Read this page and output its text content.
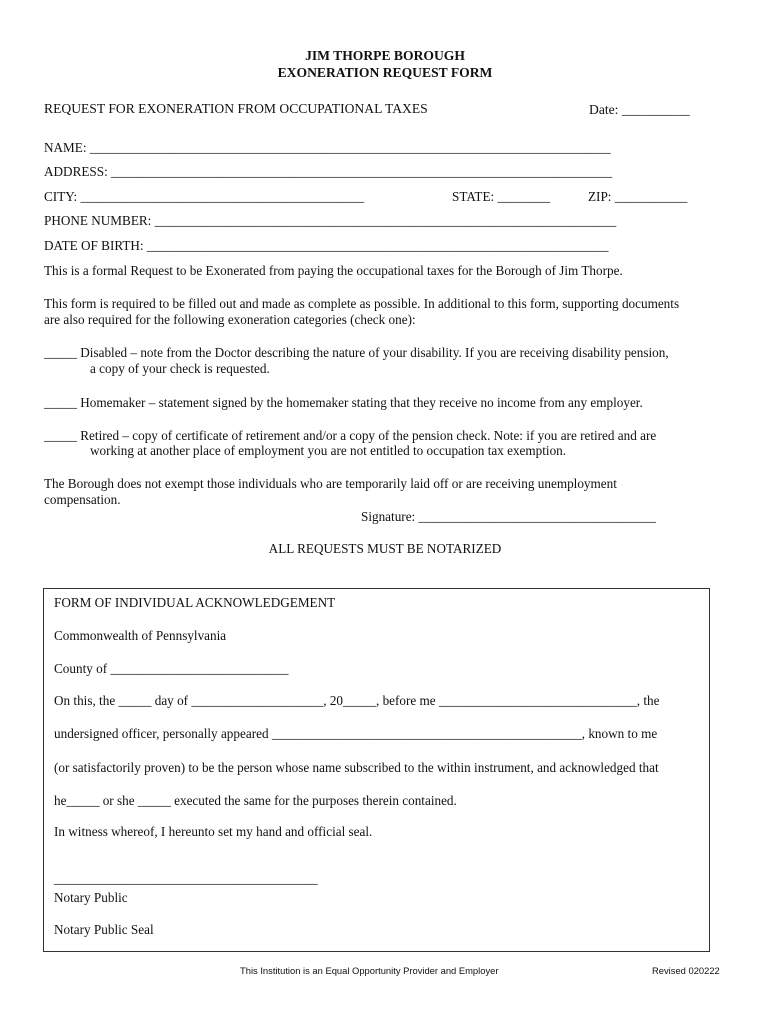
JIM THORPE BOROUGH
EXONERATION REQUEST FORM
REQUEST FOR EXONERATION FROM OCCUPATIONAL TAXES	Date: __________
NAME: _______________________________________________________________________________
ADDRESS: ____________________________________________________________________________
CITY: ___________________________________________	STATE: ________	ZIP: ___________
PHONE NUMBER: ______________________________________________________________________
DATE OF BIRTH: ______________________________________________________________________
This is a formal Request to be Exonerated from paying the occupational taxes for the Borough of Jim Thorpe.
This form is required to be filled out and made as complete as possible. In additional to this form, supporting documents
are also required for the following exoneration categories (check one):
_____ Disabled – note from the Doctor describing the nature of your disability. If you are receiving disability pension,
a copy of your check is requested.
_____ Homemaker – statement signed by the homemaker stating that they receive no income from any employer.
_____ Retired – copy of certificate of retirement and/or a copy of the pension check. Note: if you are retired and are
working at another place of employment you are not entitled to occupation tax exemption.
The Borough does not exempt those individuals who are temporarily laid off or are receiving unemployment
compensation.
Signature: ____________________________________
ALL REQUESTS MUST BE NOTARIZED
FORM OF INDIVIDUAL ACKNOWLEDGEMENT
Commonwealth of Pennsylvania
County of ___________________________
On this, the _____ day of ____________________, 20_____, before me ______________________________, the
undersigned officer, personally appeared _______________________________________________, known to me
(or satisfactorily proven) to be the person whose name subscribed to the within instrument, and acknowledged that
he_____ or she _____ executed the same for the purposes therein contained.
In witness whereof, I hereunto set my hand and official seal.
________________________________________
Notary Public
Notary Public Seal
This Institution is an Equal Opportunity Provider and Employer	Revised 020222
